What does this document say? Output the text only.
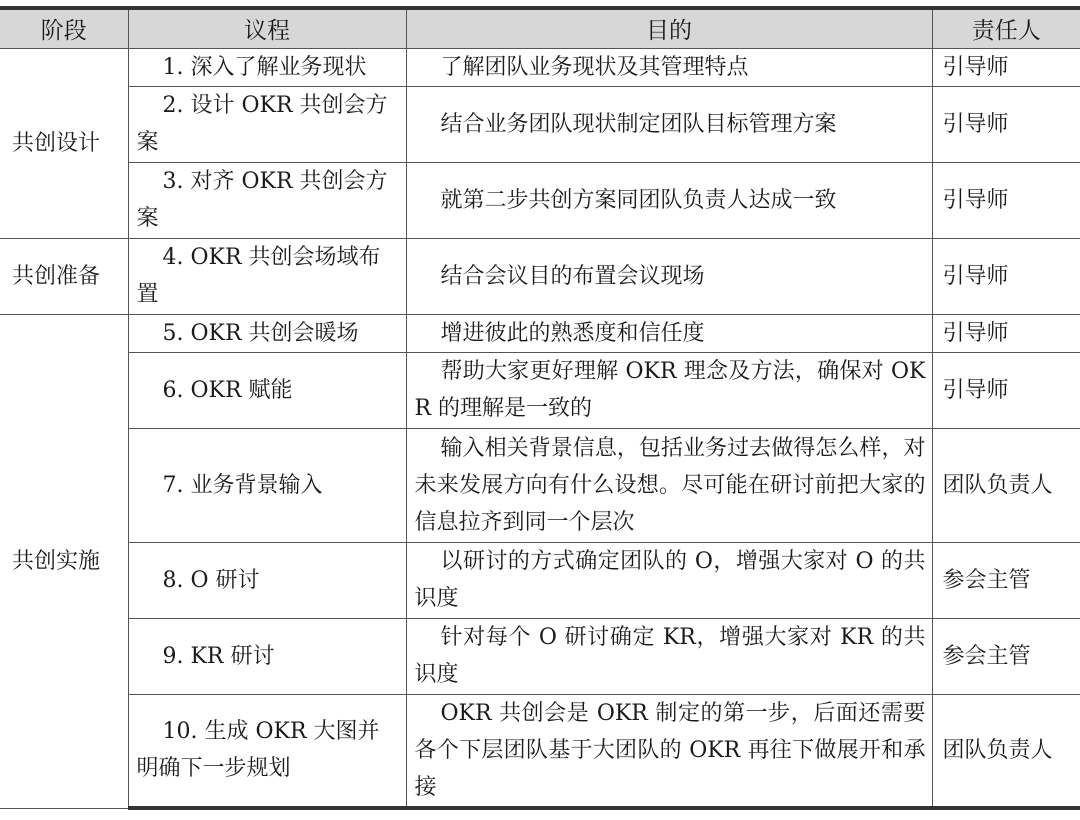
阶段	议程	目的	责任人
共创设计	1. 深入了解业务现状	了解团队业务现状及其管理特点	引导师
	2. 设计 OKR 共创会方案	结合业务团队现状制定团队目标管理方案	引导师
	3. 对齐 OKR 共创会方案	就第二步共创方案同团队负责人达成一致	引导师
共创准备	4. OKR 共创会场域布置	结合会议目的布置会议现场	引导师
共创实施	5. OKR 共创会暖场	增进彼此的熟悉度和信任度	引导师
	6. OKR 赋能	帮助大家更好理解 OKR 理念及方法，确保对 OKR 的理解是一致的	引导师
	7. 业务背景输入	输入相关背景信息，包括业务过去做得怎么样，对未来发展方向有什么设想。尽可能在研讨前把大家的信息拉齐到同一个层次	团队负责人
	8. O 研讨	以研讨的方式确定团队的 O，增强大家对 O 的共识度	参会主管
	9. KR 研讨	针对每个 O 研讨确定 KR，增强大家对 KR 的共识度	参会主管
	10. 生成 OKR 大图并明确下一步规划	OKR 共创会是 OKR 制定的第一步，后面还需要各个下层团队基于大团队的 OKR 再往下做展开和承接	团队负责人
